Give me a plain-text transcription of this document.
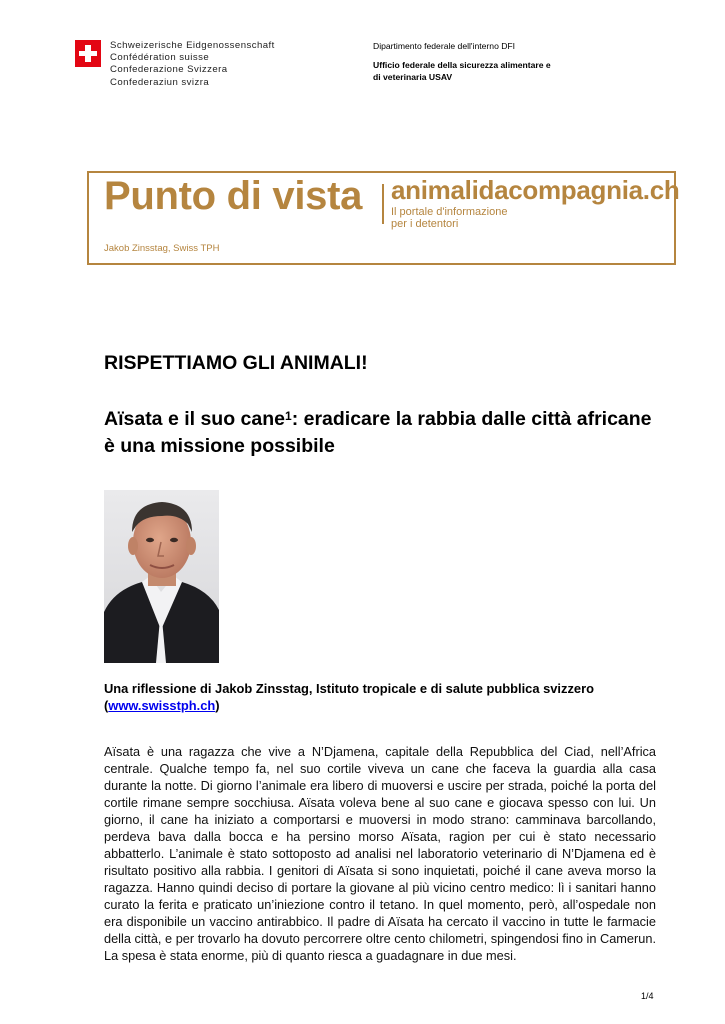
Schweizerische Eidgenossenschaft
Confédération suisse
Confederazione Svizzera
Confederaziun svizra
Dipartimento federale dell'interno DFI
Ufficio federale della sicurezza alimentare e
di veterinaria USAV
Punto di vista animalidacompagnia.ch
Il portale d'informazione
per i detentori
Jakob Zinsstag, Swiss TPH
RISPETTIAMO GLI ANIMALI!
Aïsata e il suo cane$^1$: eradicare la rabbia dalle città africane è una missione possibile
Una riflessione di Jakob Zinsstag, Istituto tropicale e di salute pubblica svizzero
(www.swisstph.ch)
Aïsata è una ragazza che vive a N’Djamena, capitale della Repubblica del Ciad, nell’Africa centrale. Qualche tempo fa, nel suo cortile viveva un cane che faceva la guardia alla casa durante la notte. Di giorno l’animale era libero di muoversi e uscire per strada, poiché la porta del cortile rimane sempre socchiusa. Aïsata voleva bene al suo cane e giocava spesso con lui. Un giorno, il cane ha iniziato a comportarsi e muoversi in modo strano: camminava barcollando, perdeva bava dalla bocca e ha persino morso Aïsata, ragion per cui è stato necessario abbatterlo. L’animale è stato sottoposto ad analisi nel laboratorio veterinario di N’Djamena ed è risultato positivo alla rabbia. I genitori di Aïsata si sono inquietati, poiché il cane aveva morso la ragazza. Hanno quindi deciso di portare la giovane al più vicino centro medico: lì i sanitari hanno curato la ferita e praticato un’iniezione contro il tetano. In quel momento, però, all’ospedale non era disponibile un vaccino antirabbico. Il padre di Aïsata ha cercato il vaccino in tutte le farmacie della città, e per trovarlo ha dovuto percorrere oltre cento chilometri, spingendosi fino in Camerun. La spesa è stata enorme, più di quanto riesca a guadagnare in due mesi.
1/4
